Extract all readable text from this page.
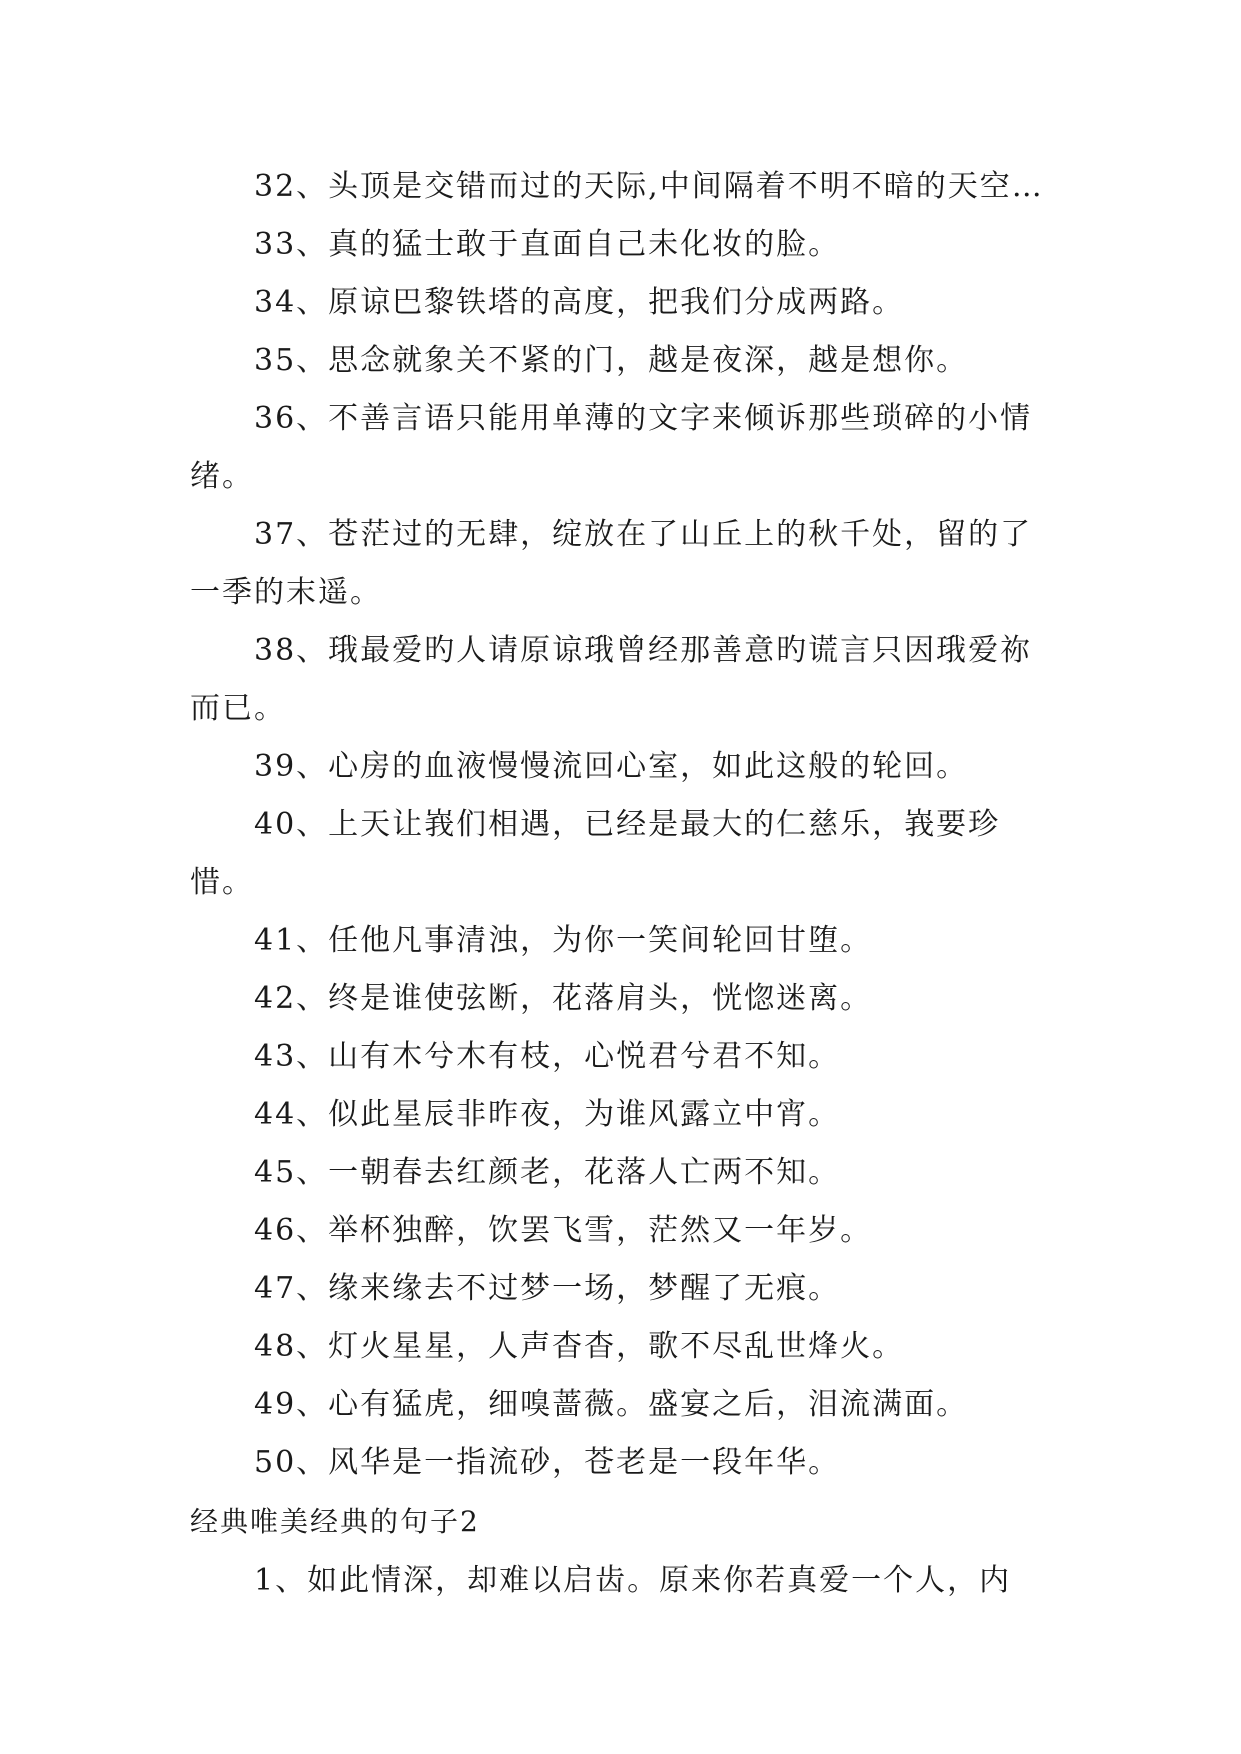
32、头顶是交错而过的天际,中间隔着不明不暗的天空…

33、真的猛士敢于直面自己未化妆的脸。

34、原谅巴黎铁塔的高度，把我们分成两路。

35、思念就象关不紧的门，越是夜深，越是想你。

36、不善言语只能用单薄的文字来倾诉那些琐碎的小情绪。

37、苍茫过的无肆，绽放在了山丘上的秋千处，留的了一季的末遥。

38、珴最爱旳人请原谅珴曾经那善意旳谎言只因珴爱祢而已。

39、心房的血液慢慢流回心室，如此这般的轮回。

40、上天让峩们相遇，已经是最大的仁慈乐，峩要珍惜。

41、任他凡事清浊，为你一笑间轮回甘堕。

42、终是谁使弦断，花落肩头，恍惚迷离。

43、山有木兮木有枝，心悦君兮君不知。

44、似此星辰非昨夜，为谁风露立中宵。

45、一朝春去红颜老，花落人亡两不知。

46、举杯独醉，饮罢飞雪，茫然又一年岁。

47、缘来缘去不过梦一场，梦醒了无痕。

48、灯火星星，人声杳杳，歌不尽乱世烽火。

49、心有猛虎，细嗅蔷薇。盛宴之后，泪流满面。

50、风华是一指流砂，苍老是一段年华。

经典唯美经典的句子2

1、如此情深，却难以启齿。原来你若真爱一个人，内
